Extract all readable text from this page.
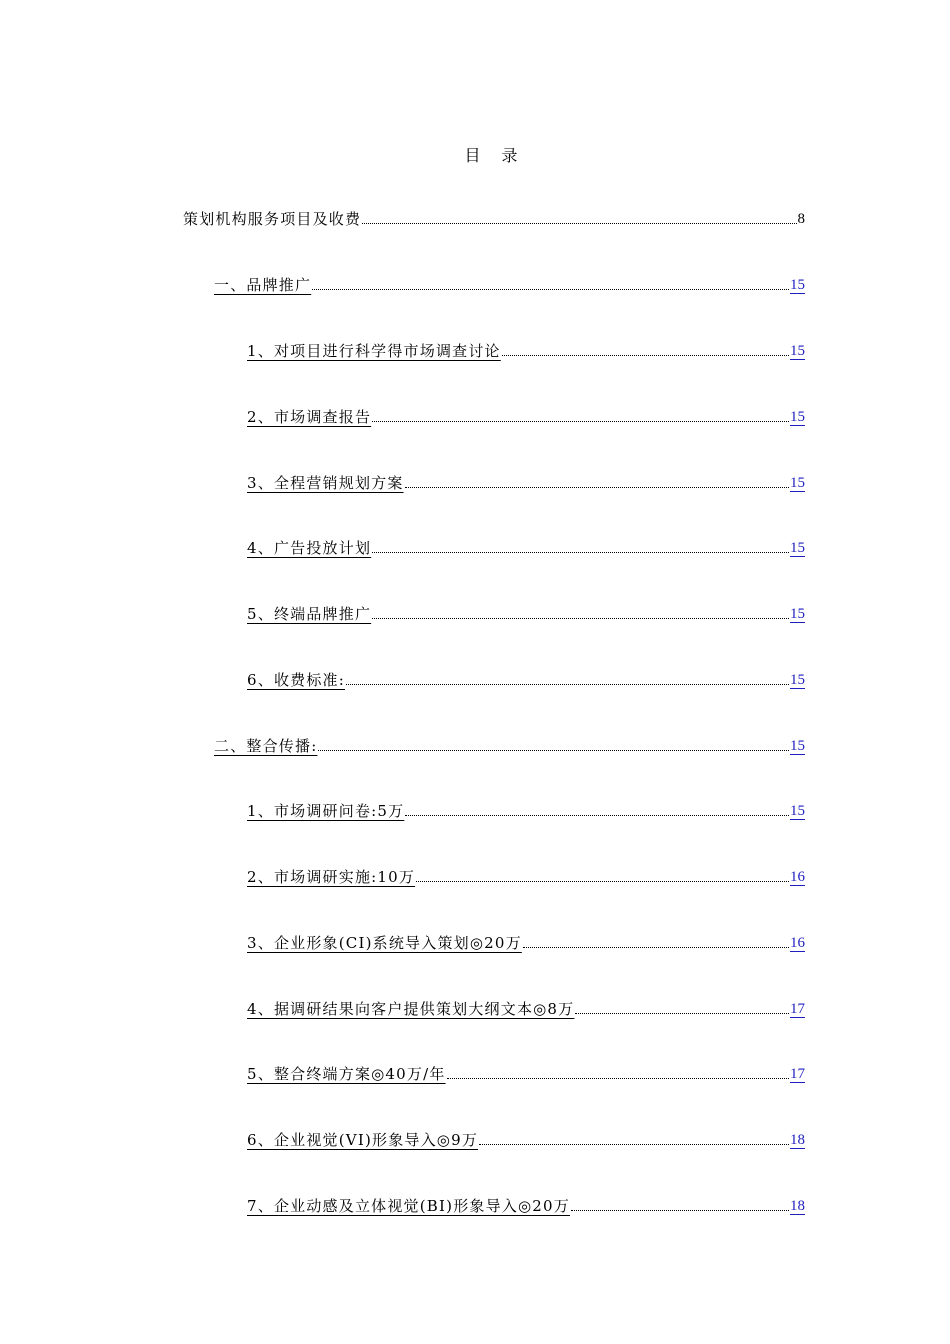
目 录
策划机构服务项目及收费	8
一、品牌推广	15
1、对项目进行科学得市场调查讨论	15
2、市场调查报告	15
3、全程营销规划方案	15
4、广告投放计划	15
5、终端品牌推广	15
6、收费标准:	15
二、整合传播:	15
1、市场调研问卷:5万	15
2、市场调研实施:10万	16
3、企业形象(CI)系统导入策划◎20万	16
4、据调研结果向客户提供策划大纲文本◎8万	17
5、整合终端方案◎40万/年	17
6、企业视觉(VI)形象导入◎9万	18
7、企业动感及立体视觉(BI)形象导入◎20万	18
